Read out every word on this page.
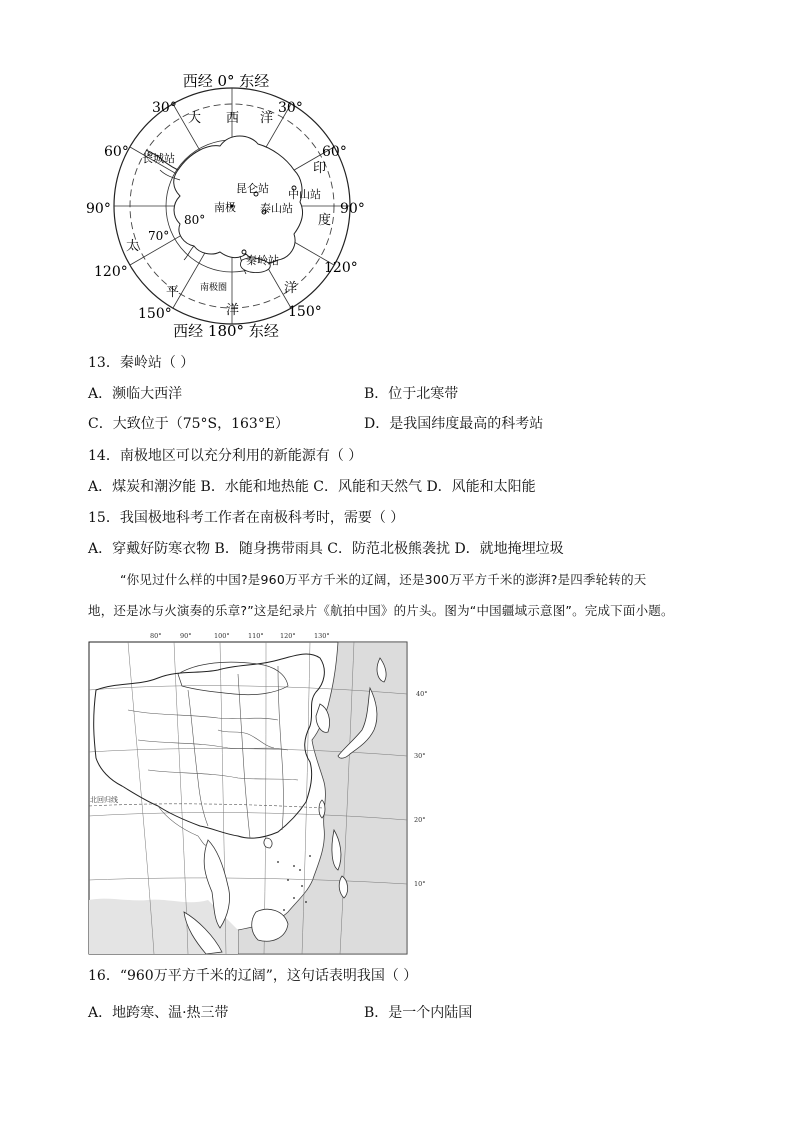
西经 0° 东经
西经 180° 东经
30°	30°
60°	60°
90°	90°
120°	120°
150°	150°
80°
70°
大 西 洋
印
度
洋
太
平
洋
长城站
昆仑站 中山站
泰山站
秦岭站
南极
南极圈
13．秦岭站（ ）
A．濒临大西洋	B．位于北寒带
C．大致位于（75°S，163°E）	D．是我国纬度最高的科考站
14．南极地区可以充分利用的新能源有（ ）
A．煤炭和潮汐能 B．水能和地热能 C．风能和天然气 D．风能和太阳能
15．我国极地科考工作者在南极科考时，需要（ ）
A．穿戴好防寒衣物 B．随身携带雨具 C．防范北极熊袭扰 D．就地掩埋垃圾
“你见过什么样的中国?是960万平方千米的辽阔，还是300万平方千米的澎湃?是四季轮转的天
地，还是冰与火演奏的乐章?”这是纪录片《航拍中国》的片头。图为“中国疆域示意图”。完成下面小题。
80°	90°	100°	110°	120°	130°
北回归线
40°
30°
20°
10°
16．“960万平方千米的辽阔”，这句话表明我国（ ）
A．地跨寒、温·热三带	B．是一个内陆国
